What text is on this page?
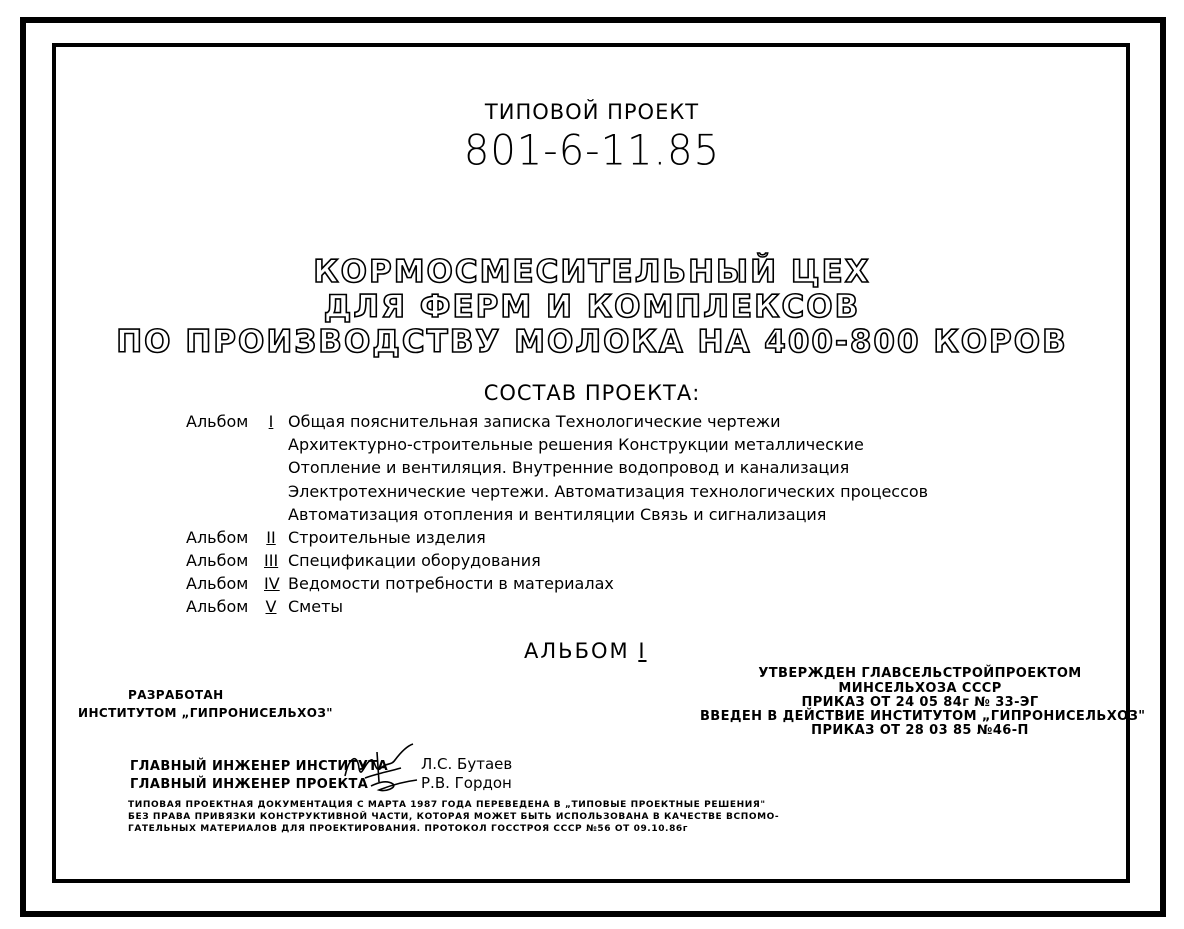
ТИПОВОЙ ПРОЕКТ
801-6-11.85
КОРМОСМЕСИТЕЛЬНЫЙ ЦЕХ
ДЛЯ ФЕРМ И КОМПЛЕКСОВ
ПО ПРОИЗВОДСТВУ МОЛОКА НА 400-800 КОРОВ
СОСТАВ ПРОЕКТА:
Альбом I Общая пояснительная записка Технологические чертежи
Архитектурно-строительные решения Конструкции металлические
Отопление и вентиляция. Внутренние водопровод и канализация
Электротехнические чертежи. Автоматизация технологических процессов
Автоматизация отопления и вентиляции Связь и сигнализация
Альбом II Строительные изделия
Альбом III Спецификации оборудования
Альбом IV Ведомости потребности в материалах
Альбом V Сметы
АЛЬБОМ I
РАЗРАБОТАН
ИНСТИТУТОМ „ГИПРОНИСЕЛЬХОЗ"
УТВЕРЖДЕН ГЛАВСЕЛЬСТРОЙПРОЕКТОМ
МИНСЕЛЬХОЗА СССР
ПРИКАЗ ОТ 24 05 84г № 33-ЭГ
ВВЕДЕН В ДЕЙСТВИЕ ИНСТИТУТОМ „ГИПРОНИСЕЛЬХОЗ"
ПРИКАЗ ОТ 28 03 85 №46-П
ГЛАВНЫЙ ИНЖЕНЕР ИНСТИТУТА
ГЛАВНЫЙ ИНЖЕНЕР ПРОЕКТА
Л.С. Бутаев
Р.В. Гордон
ТИПОВАЯ ПРОЕКТНАЯ ДОКУМЕНТАЦИЯ С МАРТА 1987 ГОДА ПЕРЕВЕДЕНА В „ТИПОВЫЕ ПРОЕКТНЫЕ РЕШЕНИЯ"
БЕЗ ПРАВА ПРИВЯЗКИ КОНСТРУКТИВНОЙ ЧАСТИ, КОТОРАЯ МОЖЕТ БЫТЬ ИСПОЛЬЗОВАНА В КАЧЕСТВЕ ВСПОМО-
ГАТЕЛЬНЫХ МАТЕРИАЛОВ ДЛЯ ПРОЕКТИРОВАНИЯ. ПРОТОКОЛ ГОССТРОЯ СССР №56 ОТ 09.10.86г
